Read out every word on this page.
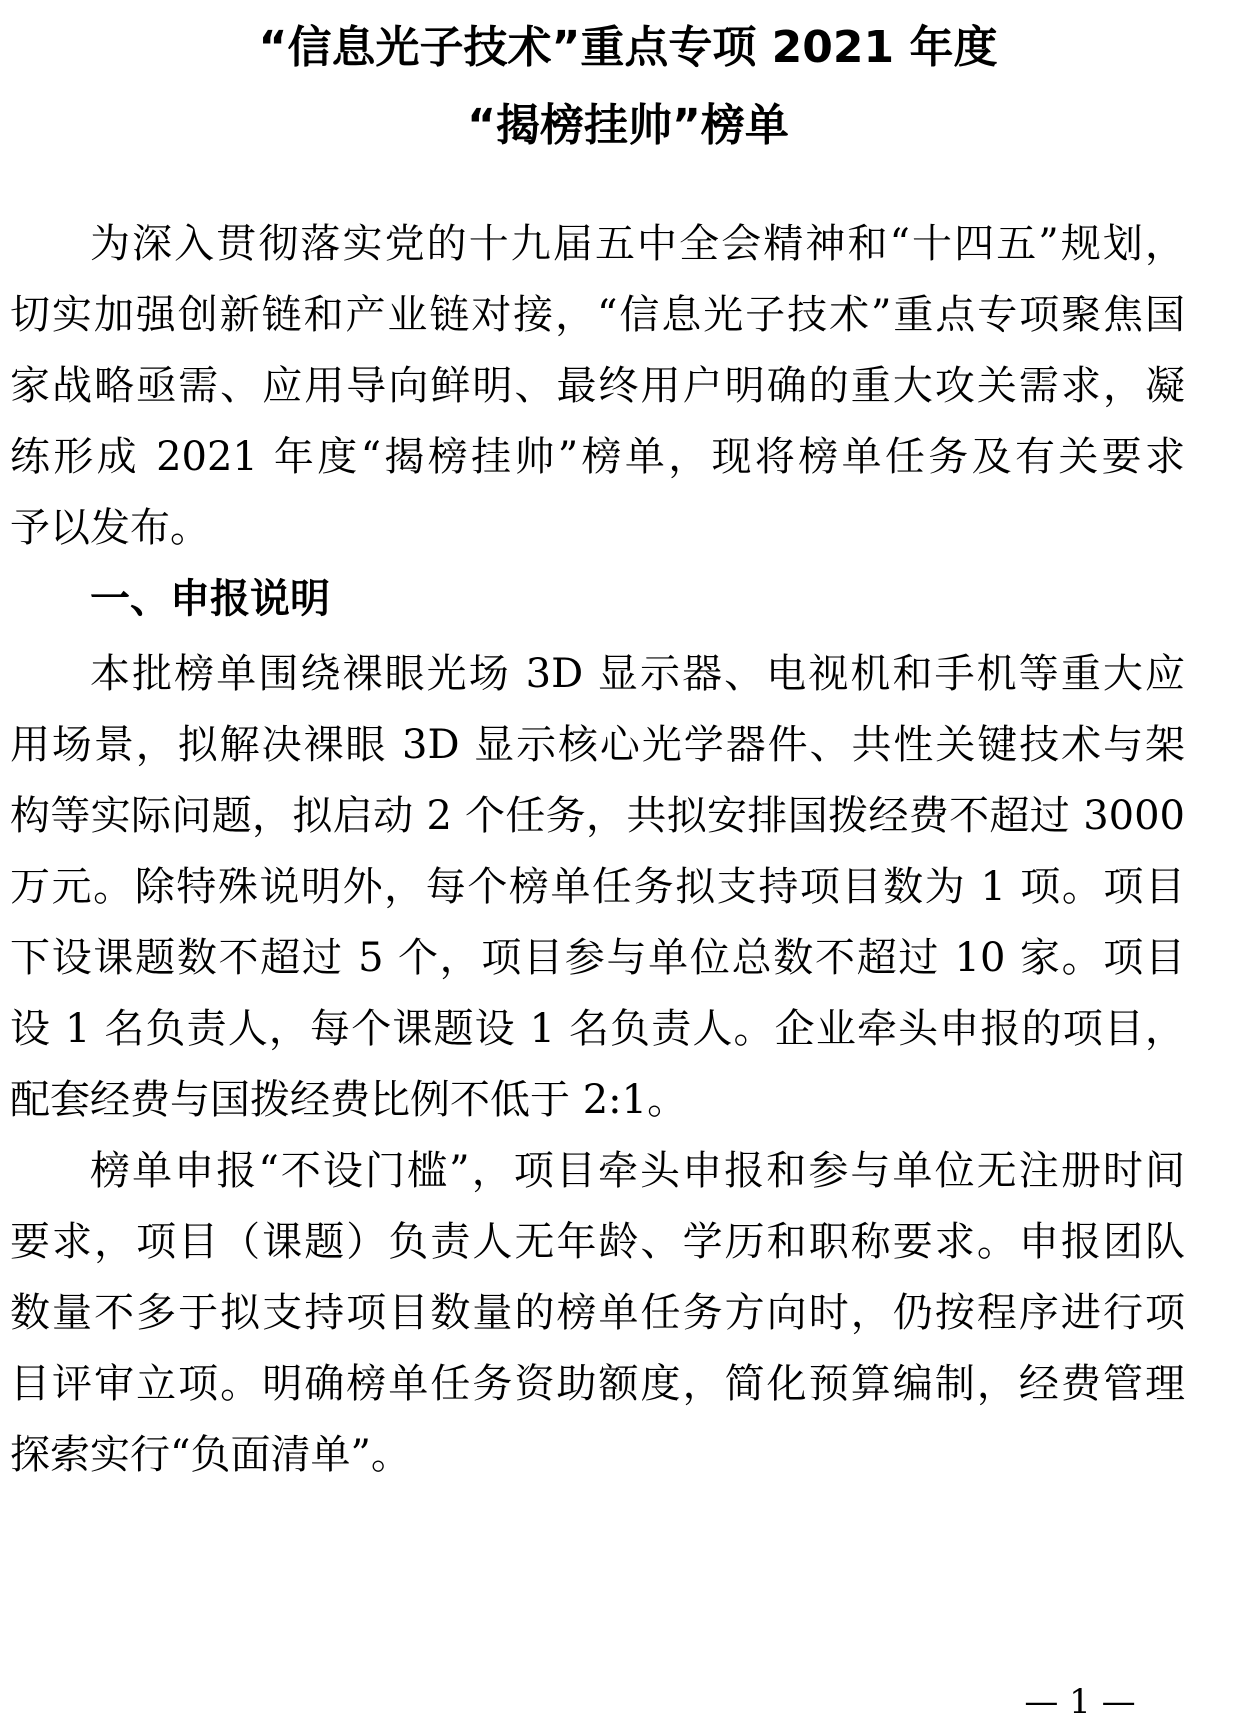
“信息光子技术”重点专项 2021 年度
“揭榜挂帅”榜单
为深入贯彻落实党的十九届五中全会精神和“十四五”规划，
切实加强创新链和产业链对接，“信息光子技术”重点专项聚焦国
家战略亟需、应用导向鲜明、最终用户明确的重大攻关需求，凝
练形成 2021 年度“揭榜挂帅”榜单，现将榜单任务及有关要求
予以发布。
一、申报说明
本批榜单围绕裸眼光场 3D 显示器、电视机和手机等重大应
用场景，拟解决裸眼 3D 显示核心光学器件、共性关键技术与架
构等实际问题，拟启动 2 个任务，共拟安排国拨经费不超过 3000
万元。除特殊说明外，每个榜单任务拟支持项目数为 1 项。项目
下设课题数不超过 5 个，项目参与单位总数不超过 10 家。项目
设 1 名负责人，每个课题设 1 名负责人。企业牵头申报的项目，
配套经费与国拨经费比例不低于 2:1。
榜单申报“不设门槛”，项目牵头申报和参与单位无注册时间
要求，项目（课题）负责人无年龄、学历和职称要求。申报团队
数量不多于拟支持项目数量的榜单任务方向时，仍按程序进行项
目评审立项。明确榜单任务资助额度，简化预算编制，经费管理
探索实行“负面清单”。
— 1 —
